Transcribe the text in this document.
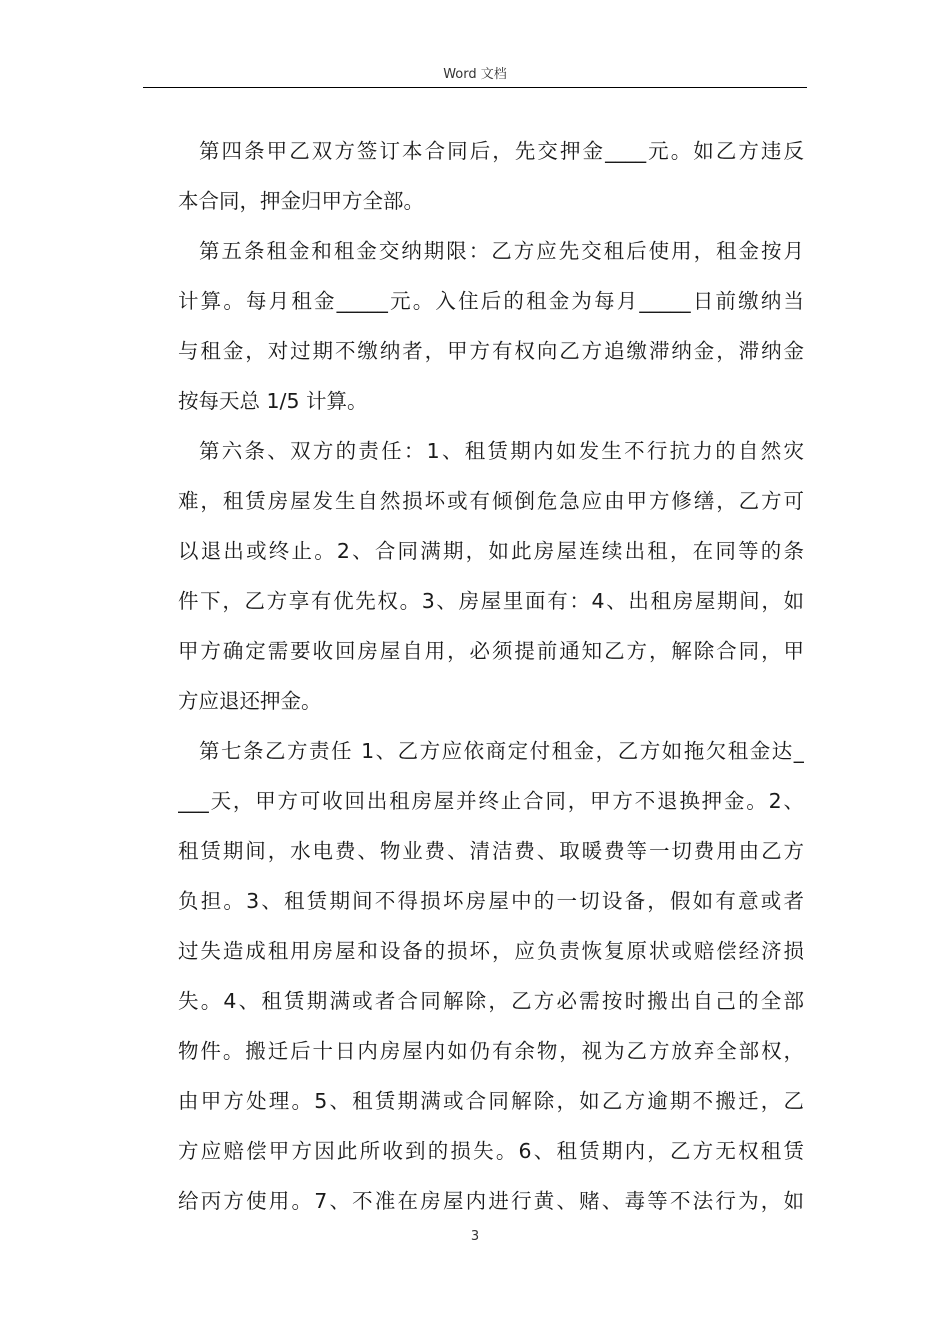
Word 文档
第四条甲乙双方签订本合同后，先交押金____元。如乙方违反
本合同，押金归甲方全部。
第五条租金和租金交纳期限：乙方应先交租后使用，租金按月
计算。每月租金_____元。入住后的租金为每月_____日前缴纳当
与租金，对过期不缴纳者，甲方有权向乙方追缴滞纳金，滞纳金
按每天总 1/5 计算。
第六条、双方的责任：1、租赁期内如发生不行抗力的自然灾
难，租赁房屋发生自然损坏或有倾倒危急应由甲方修缮，乙方可
以退出或终止。2、合同满期，如此房屋连续出租，在同等的条
件下，乙方享有优先权。3、房屋里面有：4、出租房屋期间，如
甲方确定需要收回房屋自用，必须提前通知乙方，解除合同，甲
方应退还押金。
第七条乙方责任 1、乙方应依商定付租金，乙方如拖欠租金达_
___天，甲方可收回出租房屋并终止合同，甲方不退换押金。2、
租赁期间，水电费、物业费、清洁费、取暖费等一切费用由乙方
负担。3、租赁期间不得损坏房屋中的一切设备，假如有意或者
过失造成租用房屋和设备的损坏，应负责恢复原状或赔偿经济损
失。4、租赁期满或者合同解除，乙方必需按时搬出自己的全部
物件。搬迁后十日内房屋内如仍有余物，视为乙方放弃全部权，
由甲方处理。5、租赁期满或合同解除，如乙方逾期不搬迁，乙
方应赔偿甲方因此所收到的损失。6、租赁期内，乙方无权租赁
给丙方使用。7、不准在房屋内进行黄、赌、毒等不法行为，如
3
